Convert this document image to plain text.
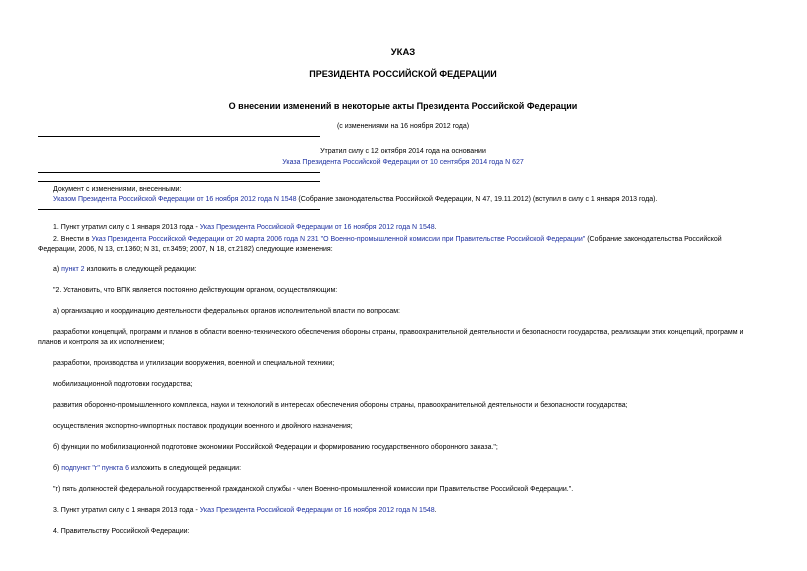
УКАЗ
ПРЕЗИДЕНТА РОССИЙСКОЙ ФЕДЕРАЦИИ
О внесении изменений в некоторые акты Президента Российской Федерации
(с изменениями на 16 ноября 2012 года)
Утратил силу с 12 октября 2014 года на основании
Указа Президента Российской Федерации от 10 сентября 2014 года N 627
Документ с изменениями, внесенными:
Указом Президента Российской Федерации от 16 ноября 2012 года N 1548 (Собрание законодательства Российской Федерации, N 47, 19.11.2012) (вступил в силу с 1 января 2013 года).
1. Пункт утратил силу с 1 января 2013 года - Указ Президента Российской Федерации от 16 ноября 2012 года N 1548.
2. Внести в Указ Президента Российской Федерации от 20 марта 2006 года N 231 "О Военно-промышленной комиссии при Правительстве Российской Федерации" (Собрание законодательства Российской
Федерации, 2006, N 13, ст.1360; N 31, ст.3459; 2007, N 18, ст.2182) следующие изменения:
а) пункт 2 изложить в следующей редакции:
"2. Установить, что ВПК является постоянно действующим органом, осуществляющим:
а) организацию и координацию деятельности федеральных органов исполнительной власти по вопросам:
разработки концепций, программ и планов в области военно-технического обеспечения обороны страны, правоохранительной деятельности и безопасности государства, реализации этих концепций, программ и
планов и контроля за их исполнением;
разработки, производства и утилизации вооружения, военной и специальной техники;
мобилизационной подготовки государства;
развития оборонно-промышленного комплекса, науки и технологий в интересах обеспечения обороны страны, правоохранительной деятельности и безопасности государства;
осуществления экспортно-импортных поставок продукции военного и двойного назначения;
б) функции по мобилизационной подготовке экономики Российской Федерации и формированию государственного оборонного заказа.";
б) подпункт "г" пункта 6 изложить в следующей редакции:
"г) пять должностей федеральной государственной гражданской службы - член Военно-промышленной комиссии при Правительстве Российской Федерации.".
3. Пункт утратил силу с 1 января 2013 года - Указ Президента Российской Федерации от 16 ноября 2012 года N 1548.
4. Правительству Российской Федерации:
